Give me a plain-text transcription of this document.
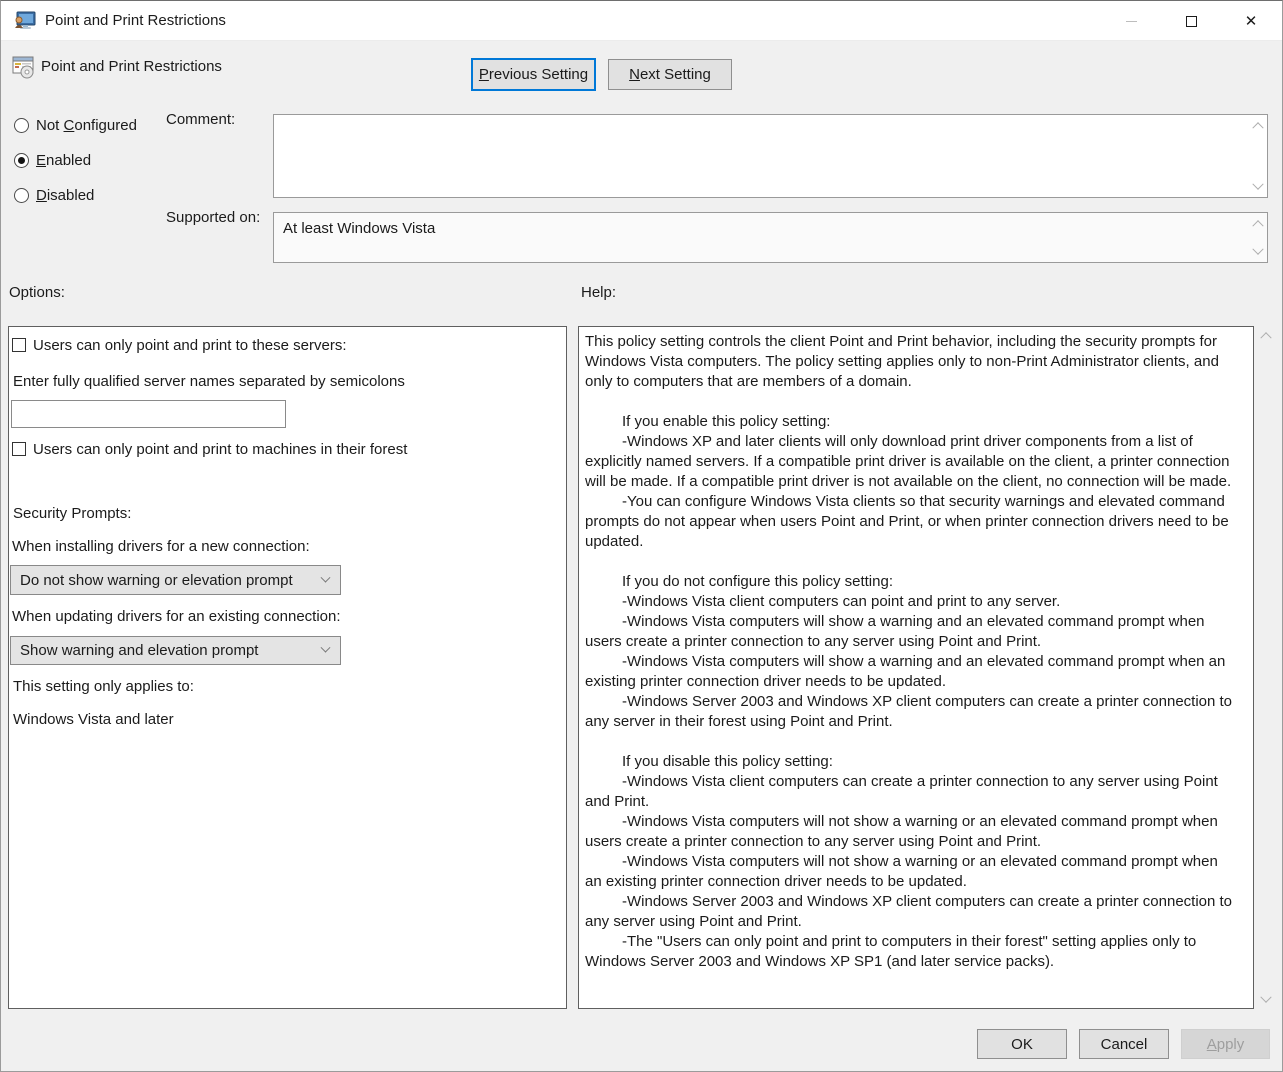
Point and Print Restrictions	✕
Point and Print Restrictions	Previous Setting	Next Setting
Not Configured
Enabled
Disabled
Comment:
Supported on:
At least Windows Vista
Options:	Help:
Users can only point and print to these servers:
Enter fully qualified server names separated by semicolons
Users can only point and print to machines in their forest
Security Prompts:
When installing drivers for a new connection:
Do not show warning or elevation prompt
When updating drivers for an existing connection:
Show warning and elevation prompt
This setting only applies to:
Windows Vista and later

This policy setting controls the client Point and Print behavior, including the security prompts for Windows Vista computers. The policy setting applies only to non-Print Administrator clients, and only to computers that are members of a domain.

If you enable this policy setting:

-Windows XP and later clients will only download print driver components from a list of explicitly named servers. If a compatible print driver is available on the client, a printer connection will be made. If a compatible print driver is not available on the client, no connection will be made.

-You can configure Windows Vista clients so that security warnings and elevated command prompts do not appear when users Point and Print, or when printer connection drivers need to be updated.

If you do not configure this policy setting:

-Windows Vista client computers can point and print to any server.

-Windows Vista computers will show a warning and an elevated command prompt when users create a printer connection to any server using Point and Print.

-Windows Vista computers will show a warning and an elevated command prompt when an existing printer connection driver needs to be updated.

-Windows Server 2003 and Windows XP client computers can create a printer connection to any server in their forest using Point and Print.

If you disable this policy setting:

-Windows Vista client computers can create a printer connection to any server using Point and Print.

-Windows Vista computers will not show a warning or an elevated command prompt when users create a printer connection to any server using Point and Print.

-Windows Vista computers will not show a warning or an elevated command prompt when an existing printer connection driver needs to be updated.

-Windows Server 2003 and Windows XP client computers can create a printer connection to any server using Point and Print.

-The "Users can only point and print to computers in their forest" setting applies only to Windows Server 2003 and Windows XP SP1 (and later service packs).

OK	Cancel	Apply
